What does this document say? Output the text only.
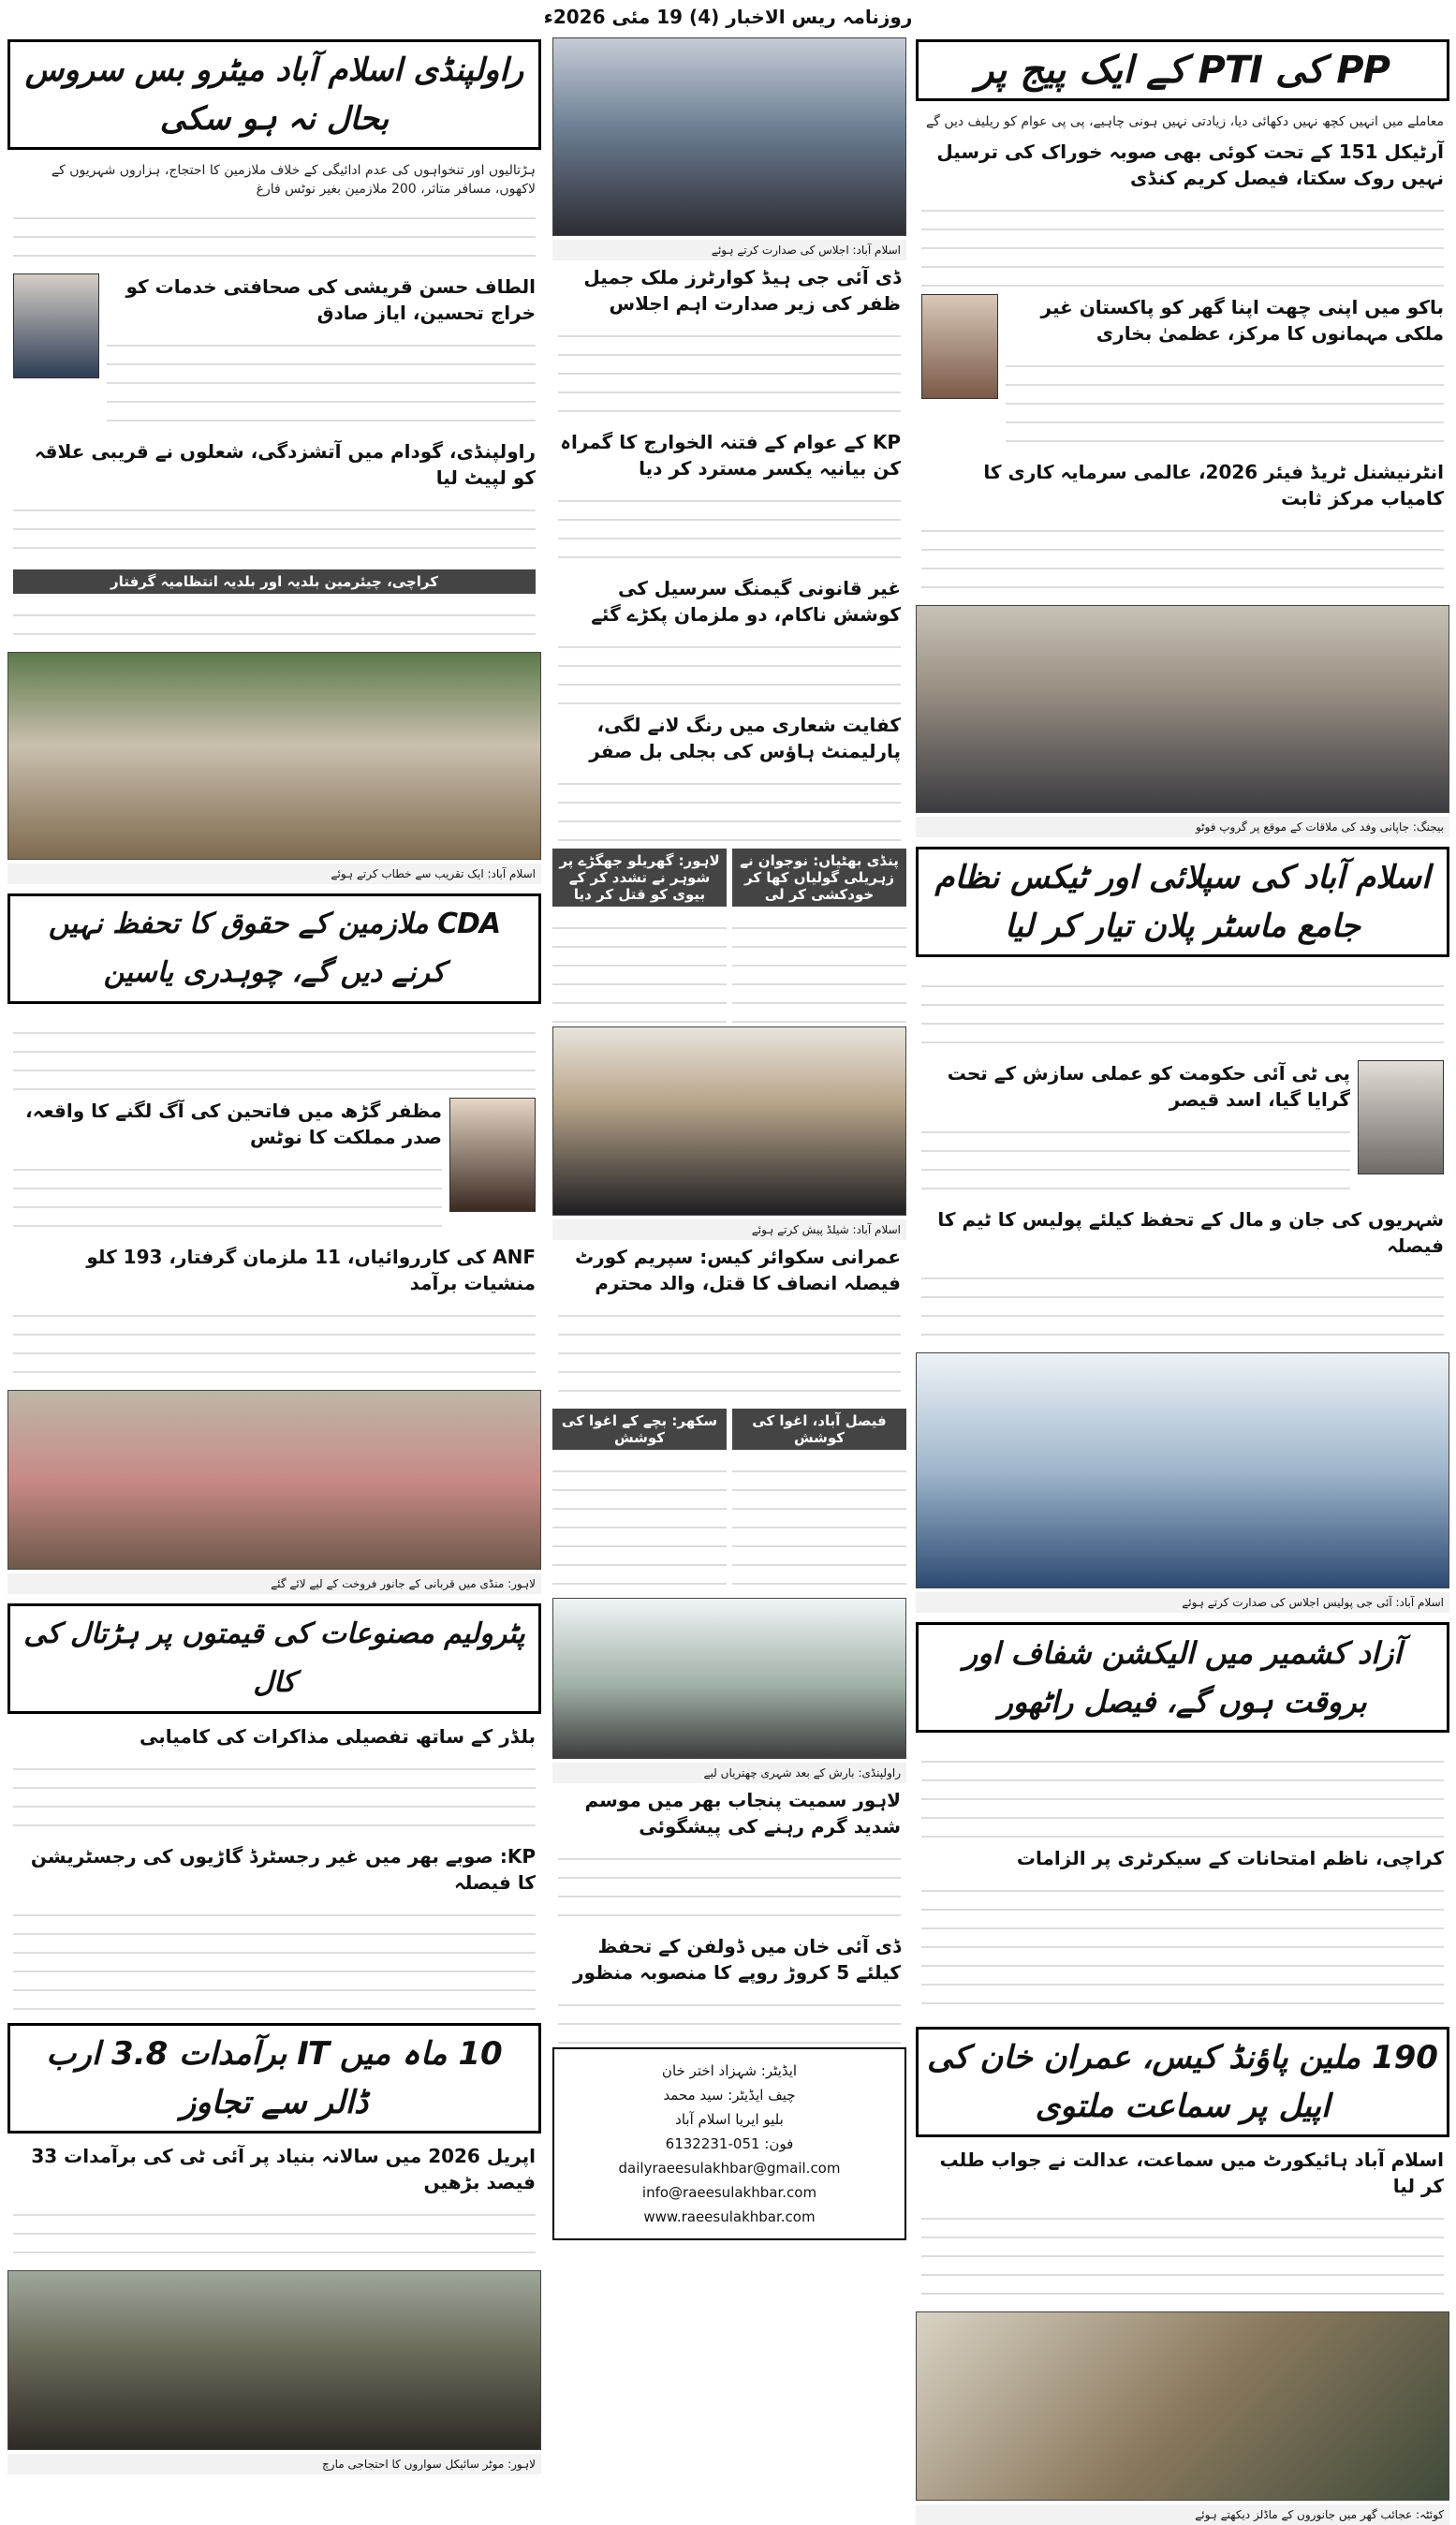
روزنامہ ریس الاخبار (4) 19 مئی 2026ء
PP کی PTI کے ایک پیج پر
معاملے میں انہیں کچھ نہیں دکھائی دیا، زیادتی نہیں ہونی چاہیے، پی پی عوام کو ریلیف دیں گے
آرٹیکل 151 کے تحت کوئی بھی صوبہ خوراک کی ترسیل نہیں روک سکتا، فیصل کریم کنڈی
باکو میں اپنی چھت اپنا گھر کو پاکستان غیر ملکی مہمانوں کا مرکز، عظمیٰ بخاری
انٹرنیشنل ٹریڈ فیئر 2026، عالمی سرمایہ کاری کا کامیاب مرکز ثابت
بیجنگ: جاپانی وفد کی ملاقات کے موقع پر گروپ فوٹو
اسلام آباد کی سپلائی اور ٹیکس نظام جامع ماسٹر پلان تیار کر لیا
پی ٹی آئی حکومت کو عملی سازش کے تحت گرایا گیا، اسد قیصر
شہریوں کی جان و مال کے تحفظ کیلئے پولیس کا ٹیم کا فیصلہ
اسلام آباد: آئی جی پولیس اجلاس کی صدارت کرتے ہوئے
آزاد کشمیر میں الیکشن شفاف اور بروقت ہوں گے، فیصل راٹھور
کراچی، ناظم امتحانات کے سیکرٹری پر الزامات
190 ملین پاؤنڈ کیس، عمران خان کی اپیل پر سماعت ملتوی
اسلام آباد ہائیکورٹ میں سماعت، عدالت نے جواب طلب کر لیا
کوئٹہ: عجائب گھر میں جانوروں کے ماڈلز دیکھتے ہوئے
اسلام آباد: اجلاس کی صدارت کرتے ہوئے
ڈی آئی جی ہیڈ کوارٹرز ملک جمیل ظفر کی زیر صدارت اہم اجلاس
KP کے عوام کے فتنہ الخوارج کا گمراہ کن بیانیہ یکسر مسترد کر دیا
غیر قانونی گیمنگ سرسیل کی کوشش ناکام، دو ملزمان پکڑے گئے
کفایت شعاری میں رنگ لانے لگی، پارلیمنٹ ہاؤس کی بجلی بل صفر
پنڈی بھٹیاں: نوجوان نے زہریلی گولیاں کھا کر خودکشی کر لی
لاہور: گھریلو جھگڑے پر شوہر نے تشدد کر کے بیوی کو قتل کر دیا
اسلام آباد: شیلڈ پیش کرتے ہوئے
عمرانی سکوائر کیس: سپریم کورٹ فیصلہ انصاف کا قتل، والد محترم
فیصل آباد، اغوا کی کوشش
سکھر: بچے کے اغوا کی کوشش
راولپنڈی: بارش کے بعد شہری چھتریاں لیے
لاہور سمیت پنجاب بھر میں موسم شدید گرم رہنے کی پیشگوئی
ڈی آئی خان میں ڈولفن کے تحفظ کیلئے 5 کروڑ روپے کا منصوبہ منظور
ایڈیٹر: شہزاد اختر خان
چیف ایڈیٹر: سید محمد
بلیو ایریا اسلام آباد
فون: 051-6132231
dailyraeesulakhbar@gmail.com
info@raeesulakhbar.com
www.raeesulakhbar.com
راولپنڈی اسلام آباد میٹرو بس سروس بحال نہ ہو سکی
ہڑتالیوں اور تنخواہوں کی عدم ادائیگی کے خلاف ملازمین کا احتجاج، ہزاروں شہریوں کے لاکھوں، مسافر متاثر، 200 ملازمین بغیر نوٹس فارغ
الطاف حسن قریشی کی صحافتی خدمات کو خراج تحسین، ایاز صادق
راولپنڈی، گودام میں آتشزدگی، شعلوں نے قریبی علاقہ کو لپیٹ لیا
کراچی، چیئرمین بلدیہ اور بلدیہ انتظامیہ گرفتار
اسلام آباد: ایک تقریب سے خطاب کرتے ہوئے
CDA ملازمین کے حقوق کا تحفظ نہیں کرنے دیں گے، چوہدری یاسین
مظفر گڑھ میں فاتحین کی آگ لگنے کا واقعہ، صدر مملکت کا نوٹس
ANF کی کارروائیاں، 11 ملزمان گرفتار، 193 کلو منشیات برآمد
لاہور: منڈی میں قربانی کے جانور فروخت کے لیے لائے گئے
پٹرولیم مصنوعات کی قیمتوں پر ہڑتال کی کال
بلڈر کے ساتھ تفصیلی مذاکرات کی کامیابی
KP: صوبے بھر میں غیر رجسٹرڈ گاڑیوں کی رجسٹریشن کا فیصلہ
10 ماہ میں IT برآمدات 3.8 ارب ڈالر سے تجاوز
اپریل 2026 میں سالانہ بنیاد پر آئی ٹی کی برآمدات 33 فیصد بڑھیں
لاہور: موٹر سائیکل سواروں کا احتجاجی مارچ
